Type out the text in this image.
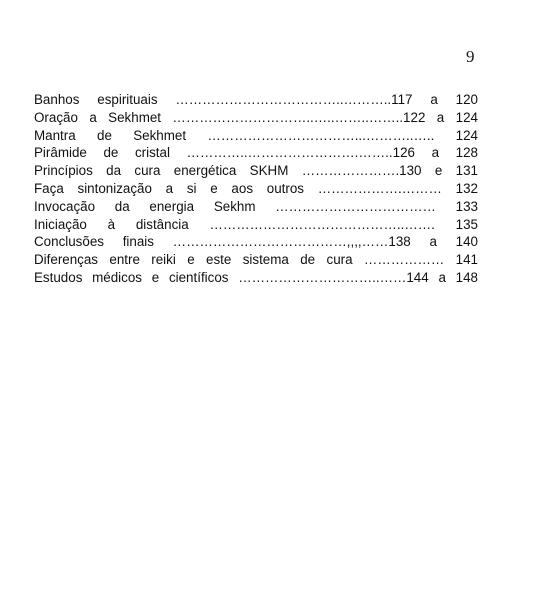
9
Banhos espirituais ………………………………..………..117 a 120
Oração a Sekhmet …………………………..…..……..……..122 a 124
Mantra de Sekhmet ……………………………...………..….. 124
Pirâmide de cristal …………..…………………….……..126 a 128
Princípios da cura energética SKHM ………………….130 e 131
Faça sintonização a si e aos outros ……………….……… 132
Invocação da energia Sekhm ……………………………… 133
Iniciação à distância ……………………………………..……. 135
Conclusões finais …………………………………,,,,……138 a 140
Diferenças entre reiki e este sistema de cura ……………… 141
Estudos médicos e científicos …………………………..……144 a 148
